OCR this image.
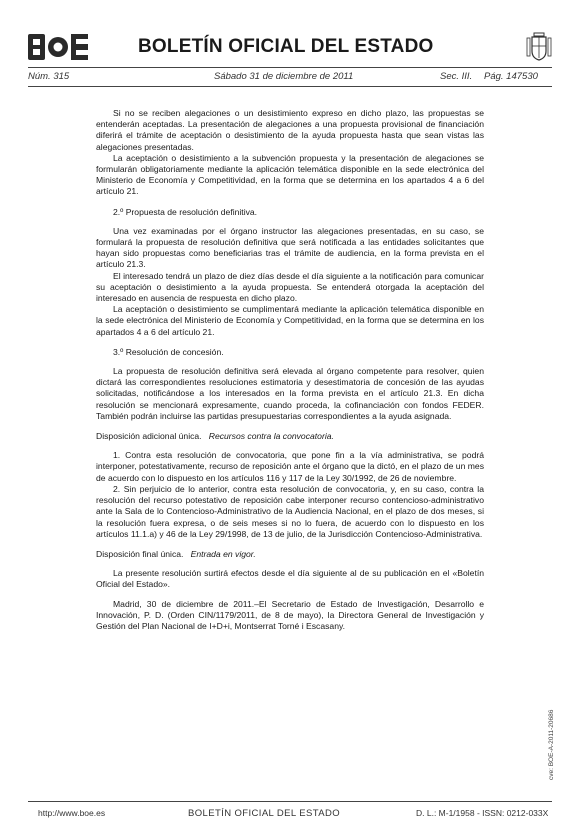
BOLETÍN OFICIAL DEL ESTADO
Núm. 315	Sábado 31 de diciembre de 2011	Sec. III. Pág. 147530

Si no se reciben alegaciones o un desistimiento expreso en dicho plazo, las propuestas se entenderán aceptadas. La presentación de alegaciones a una propuesta provisional de financiación diferirá el trámite de aceptación o desistimiento de la ayuda propuesta hasta que sean vistas las alegaciones presentadas.

La aceptación o desistimiento a la subvención propuesta y la presentación de alegaciones se formularán obligatoriamente mediante la aplicación telemática disponible en la sede electrónica del Ministerio de Economía y Competitividad, en la forma que se determina en los apartados 4 a 6 del artículo 21.

2.º Propuesta de resolución definitiva.

Una vez examinadas por el órgano instructor las alegaciones presentadas, en su caso, se formulará la propuesta de resolución definitiva que será notificada a las entidades solicitantes que hayan sido propuestas como beneficiarias tras el trámite de audiencia, en la forma prevista en el artículo 21.3.

El interesado tendrá un plazo de diez días desde el día siguiente a la notificación para comunicar su aceptación o desistimiento a la ayuda propuesta. Se entenderá otorgada la aceptación del interesado en ausencia de respuesta en dicho plazo.

La aceptación o desistimiento se cumplimentará mediante la aplicación telemática disponible en la sede electrónica del Ministerio de Economía y Competitividad, en la forma que se determina en los apartados 4 a 6 del artículo 21.

3.º Resolución de concesión.

La propuesta de resolución definitiva será elevada al órgano competente para resolver, quien dictará las correspondientes resoluciones estimatoria y desestimatoria de concesión de las ayudas solicitadas, notificándose a los interesados en la forma prevista en el artículo 21.3. En dicha resolución se mencionará expresamente, cuando proceda, la cofinanciación con fondos FEDER. También podrán incluirse las partidas presupuestarias correspondientes a la ayuda asignada.

Disposición adicional única. Recursos contra la convocatoria.

1. Contra esta resolución de convocatoria, que pone fin a la vía administrativa, se podrá interponer, potestativamente, recurso de reposición ante el órgano que la dictó, en el plazo de un mes de acuerdo con lo dispuesto en los artículos 116 y 117 de la Ley 30/1992, de 26 de noviembre.

2. Sin perjuicio de lo anterior, contra esta resolución de convocatoria, y, en su caso, contra la resolución del recurso potestativo de reposición cabe interponer recurso contencioso-administrativo ante la Sala de lo Contencioso-Administrativo de la Audiencia Nacional, en el plazo de dos meses, si la resolución fuera expresa, o de seis meses si no lo fuera, de acuerdo con lo dispuesto en los artículos 11.1.a) y 46 de la Ley 29/1998, de 13 de julio, de la Jurisdicción Contencioso-Administrativa.

Disposición final única. Entrada en vigor.

La presente resolución surtirá efectos desde el día siguiente al de su publicación en el «Boletín Oficial del Estado».

Madrid, 30 de diciembre de 2011.–El Secretario de Estado de Investigación, Desarrollo e Innovación, P. D. (Orden CIN/1179/2011, de 8 de mayo), la Directora General de Investigación y Gestión del Plan Nacional de I+D+i, Montserrat Torné i Escasany.

cve: BOE-A-2011-20686
http://www.boe.es	BOLETÍN OFICIAL DEL ESTADO	D. L.: M-1/1958 - ISSN: 0212-033X
